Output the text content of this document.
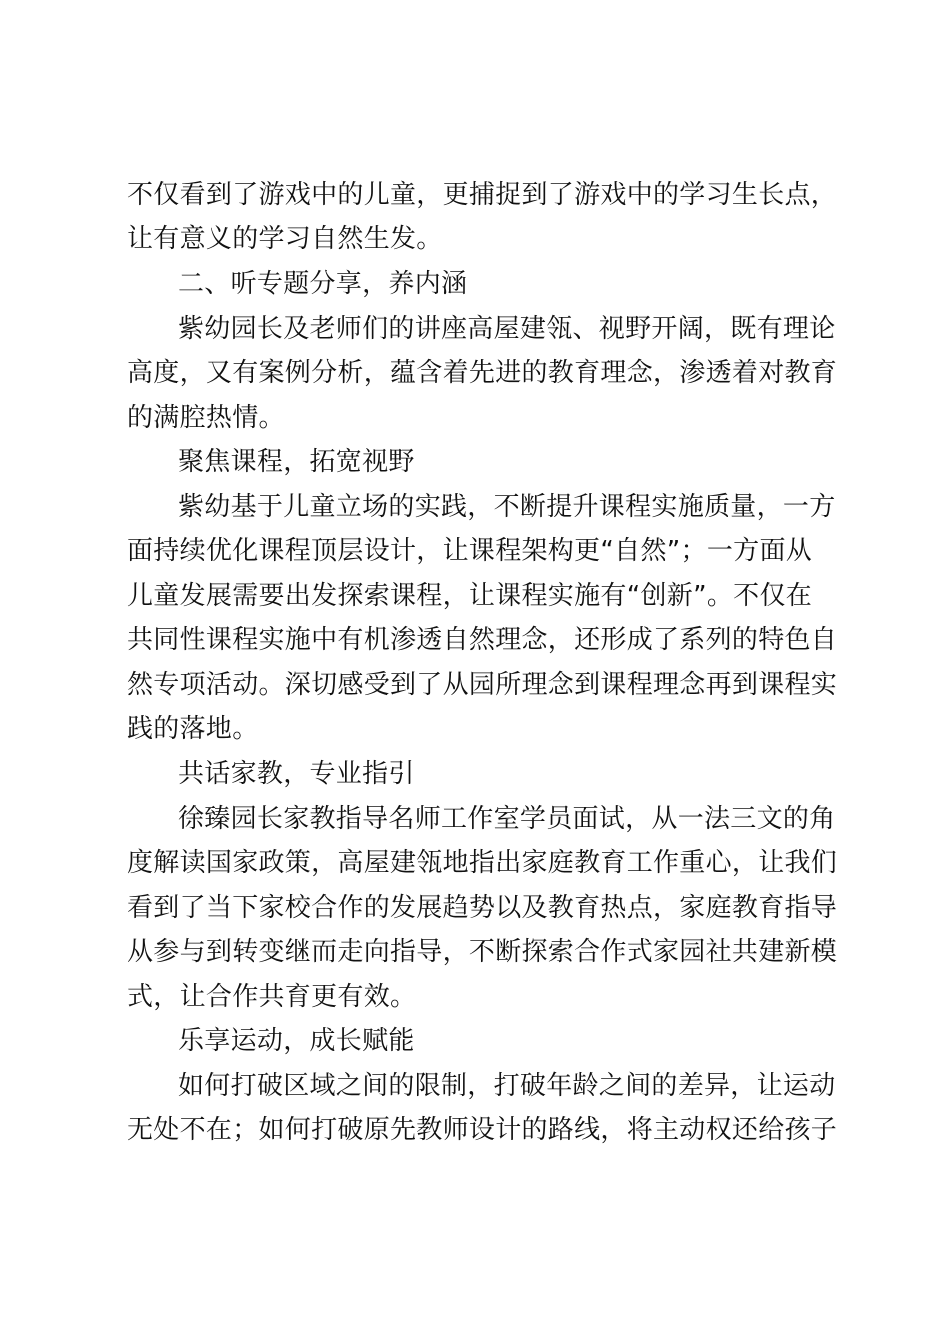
不仅看到了游戏中的儿童，更捕捉到了游戏中的学习生长点，
让有意义的学习自然生发。
二、听专题分享，养内涵
紫幼园长及老师们的讲座高屋建瓴、视野开阔，既有理论
高度，又有案例分析，蕴含着先进的教育理念，渗透着对教育
的满腔热情。
聚焦课程，拓宽视野
紫幼基于儿童立场的实践，不断提升课程实施质量，一方
面持续优化课程顶层设计，让课程架构更“自然”；一方面从
儿童发展需要出发探索课程，让课程实施有“创新”。不仅在
共同性课程实施中有机渗透自然理念，还形成了系列的特色自
然专项活动。深切感受到了从园所理念到课程理念再到课程实
践的落地。
共话家教，专业指引
徐臻园长家教指导名师工作室学员面试，从一法三文的角
度解读国家政策，高屋建瓴地指出家庭教育工作重心，让我们
看到了当下家校合作的发展趋势以及教育热点，家庭教育指导
从参与到转变继而走向指导，不断探索合作式家园社共建新模
式，让合作共育更有效。
乐享运动，成长赋能
如何打破区域之间的限制，打破年龄之间的差异，让运动
无处不在；如何打破原先教师设计的路线，将主动权还给孩子
